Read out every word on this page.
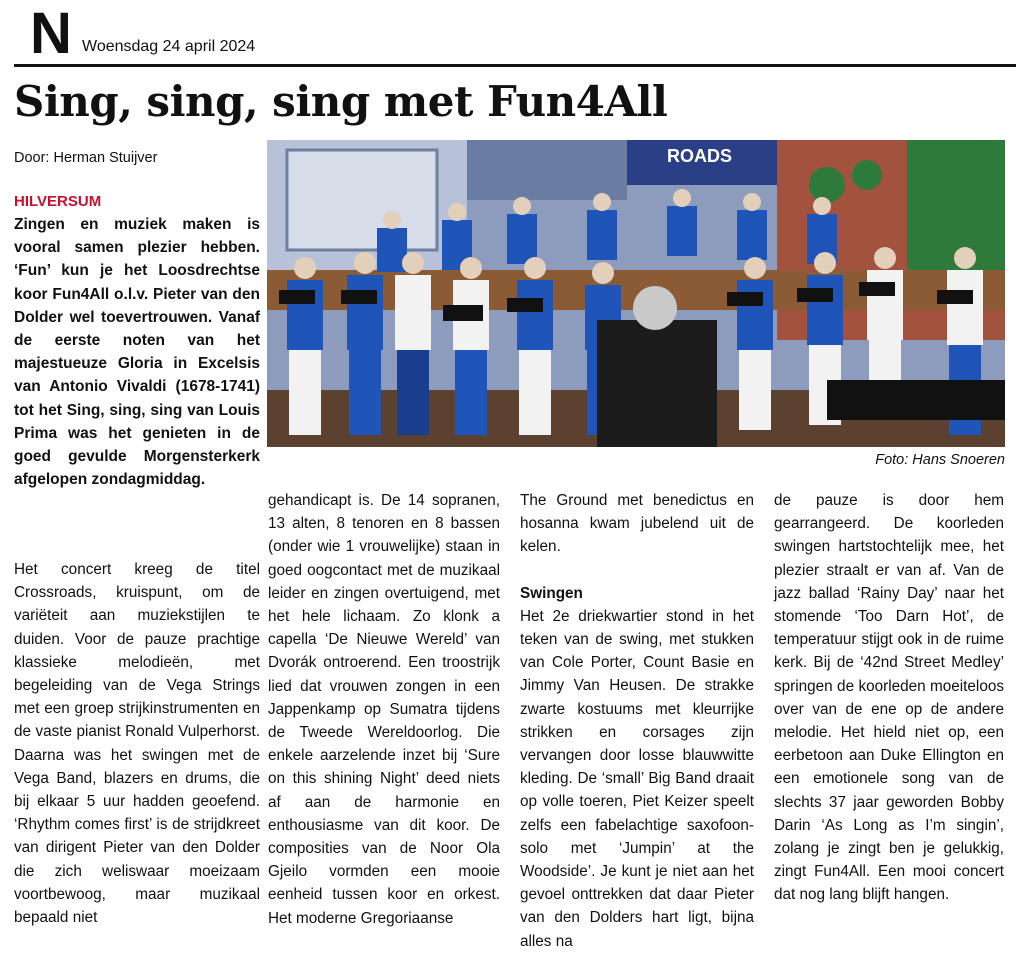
N Woensdag 24 april 2024
Sing, sing, sing met Fun4All
Door: Herman Stuijver	ROADS
Foto: Hans Snoeren
HILVERSUM

Zingen en muziek maken is vooral samen plezier hebben. ‘Fun’ kun je het Loosdrechtse koor Fun4All o.l.v. Pieter van den Dolder wel toevertrouwen. Vanaf de eerste noten van het majestueuze Gloria in Excelsis van Antonio Vivaldi (1678-1741) tot het Sing, sing, sing van Louis Prima was het genieten in de goed gevulde Morgensterkerk afgelopen zondagmiddag.

Het concert kreeg de titel Crossroads, kruispunt, om de variëteit aan muziekstijlen te duiden. Voor de pauze prachtige klassieke melodieën, met begeleiding van de Vega Strings met een groep strijkinstrumenten en de vaste pianist Ronald Vulperhorst. Daarna was het swingen met de Vega Band, blazers en drums, die bij elkaar 5 uur hadden geoefend. ‘Rhythm comes first’ is de strijdkreet van dirigent Pieter van den Dolder die zich weliswaar moeizaam voortbewoog, maar muzikaal bepaald niet

gehandicapt is. De 14 sopranen, 13 alten, 8 tenoren en 8 bassen (onder wie 1 vrouwelijke) staan in goed oogcontact met de muzikaal leider en zingen overtuigend, met het hele lichaam. Zo klonk a capella ‘De Nieuwe Wereld’ van Dvorák ontroerend. Een troostrijk lied dat vrouwen zongen in een Jappenkamp op Sumatra tijdens de Tweede Wereldoorlog. Die enkele aarzelende inzet bij ‘Sure on this shining Night’ deed niets af aan de harmonie en enthousiasme van dit koor. De composities van de Noor Ola Gjeilo vormden een mooie eenheid tussen koor en orkest. Het moderne Gregoriaanse

The Ground met benedictus en hosanna kwam jubelend uit de kelen.

Swingen

Het 2e driekwartier stond in het teken van de swing, met stukken van Cole Porter, Count Basie en Jimmy Van Heusen. De strakke zwarte kostuums met kleurrijke strikken en corsages zijn vervangen door losse blauwwitte kleding. De ‘small’ Big Band draait op volle toeren, Piet Keizer speelt zelfs een fabelachtige saxofoon- solo met ‘Jumpin’ at the Woodside’. Je kunt je niet aan het gevoel onttrekken dat daar Pieter van den Dolders hart ligt, bijna alles na

de pauze is door hem gearrangeerd. De koorleden swingen hartstochtelijk mee, het plezier straalt er van af. Van de jazz ballad ‘Rainy Day’ naar het stomende ‘Too Darn Hot’, de temperatuur stijgt ook in de ruime kerk. Bij de ‘42nd Street Medley’ springen de koorleden moeiteloos over van de ene op de andere melodie. Het hield niet op, een eerbetoon aan Duke Ellington en een emotionele song van de slechts 37 jaar geworden Bobby Darin ‘As Long as I’m singin’, zolang je zingt ben je gelukkig, zingt Fun4All. Een mooi concert dat nog lang blijft hangen.
